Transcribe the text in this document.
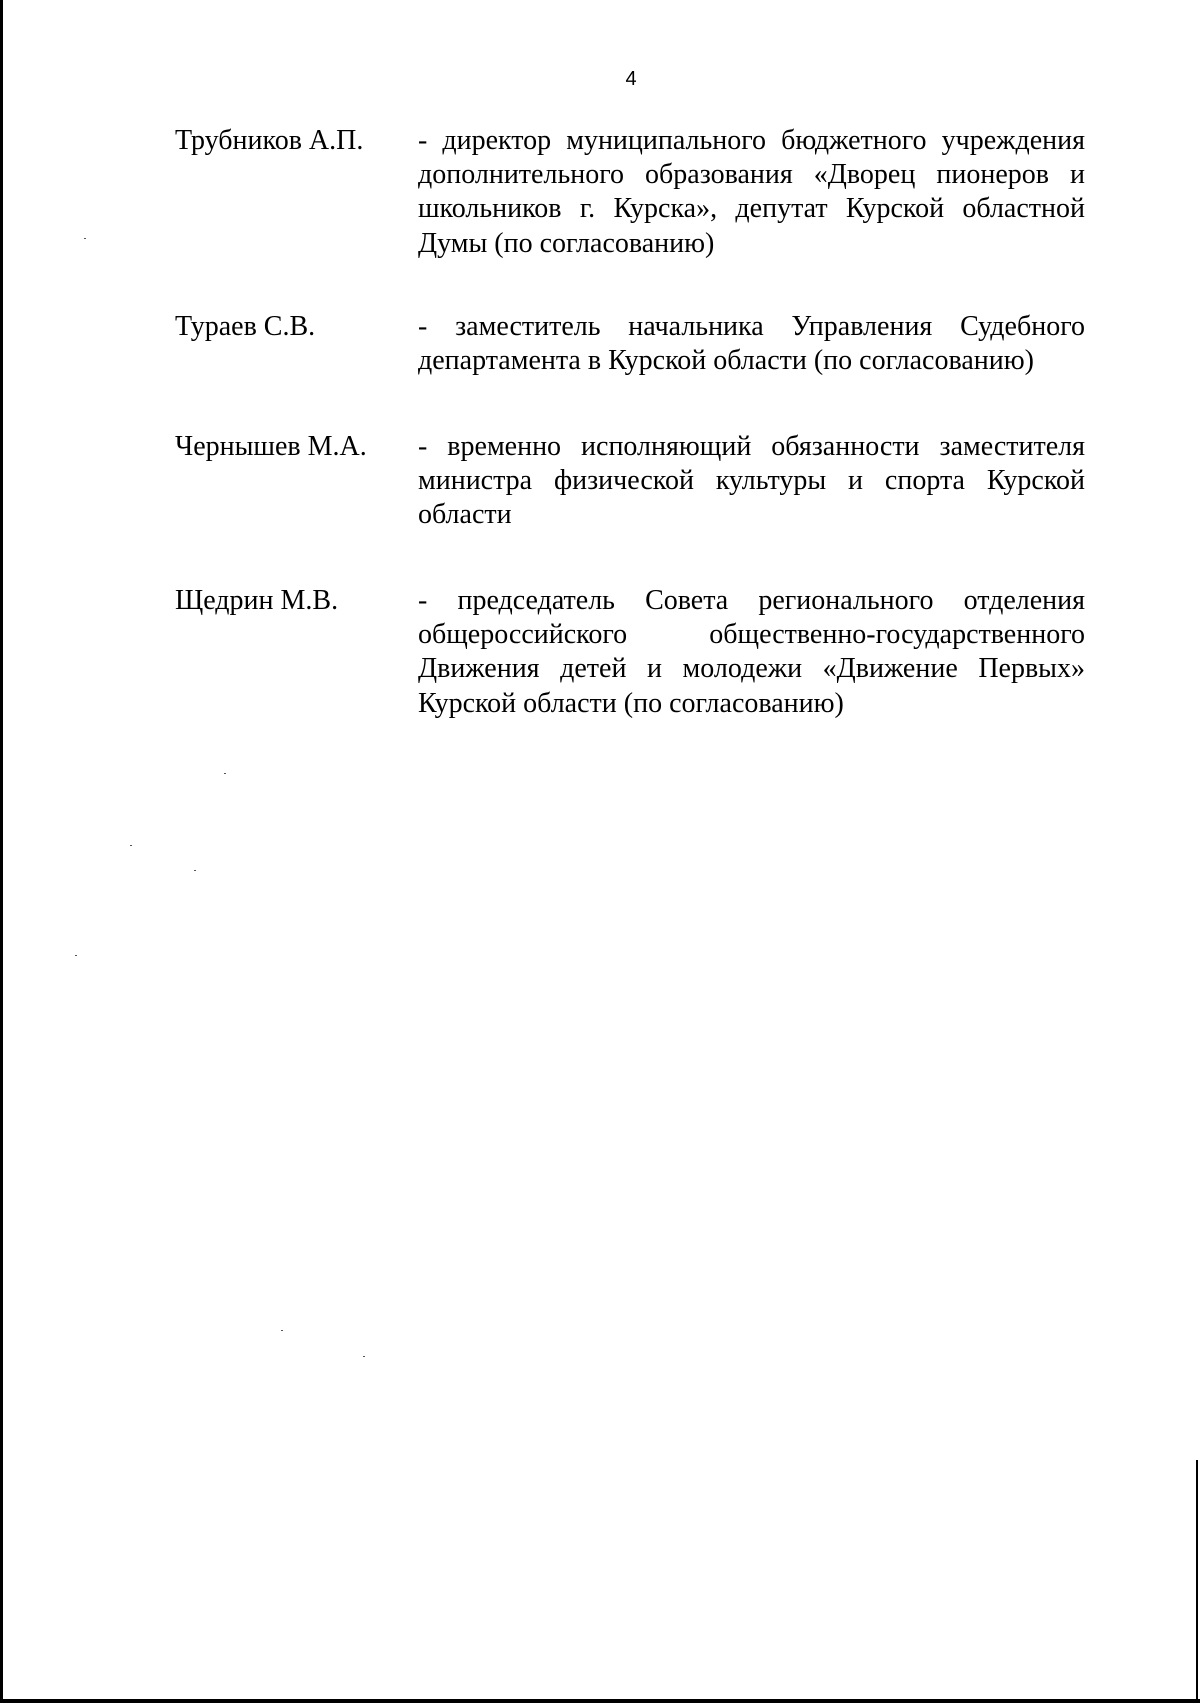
4
Трубников А.П. - директор муниципального бюджетного учреждения дополнительного образования «Дворец пионеров и школьников г. Курска», депутат Курской областной Думы (по согласованию)
Тураев С.В.	- заместитель начальника Управления Судебного департамента в Курской области (по согласованию)
Чернышев М.А. - временно исполняющий обязанности заместителя министра физической культуры и спорта Курской области
Щедрин М.В.	- председатель Совета регионального отделения общероссийского общественно-государственного Движения детей и молодежи «Движение Первых» Курской области (по согласованию)
